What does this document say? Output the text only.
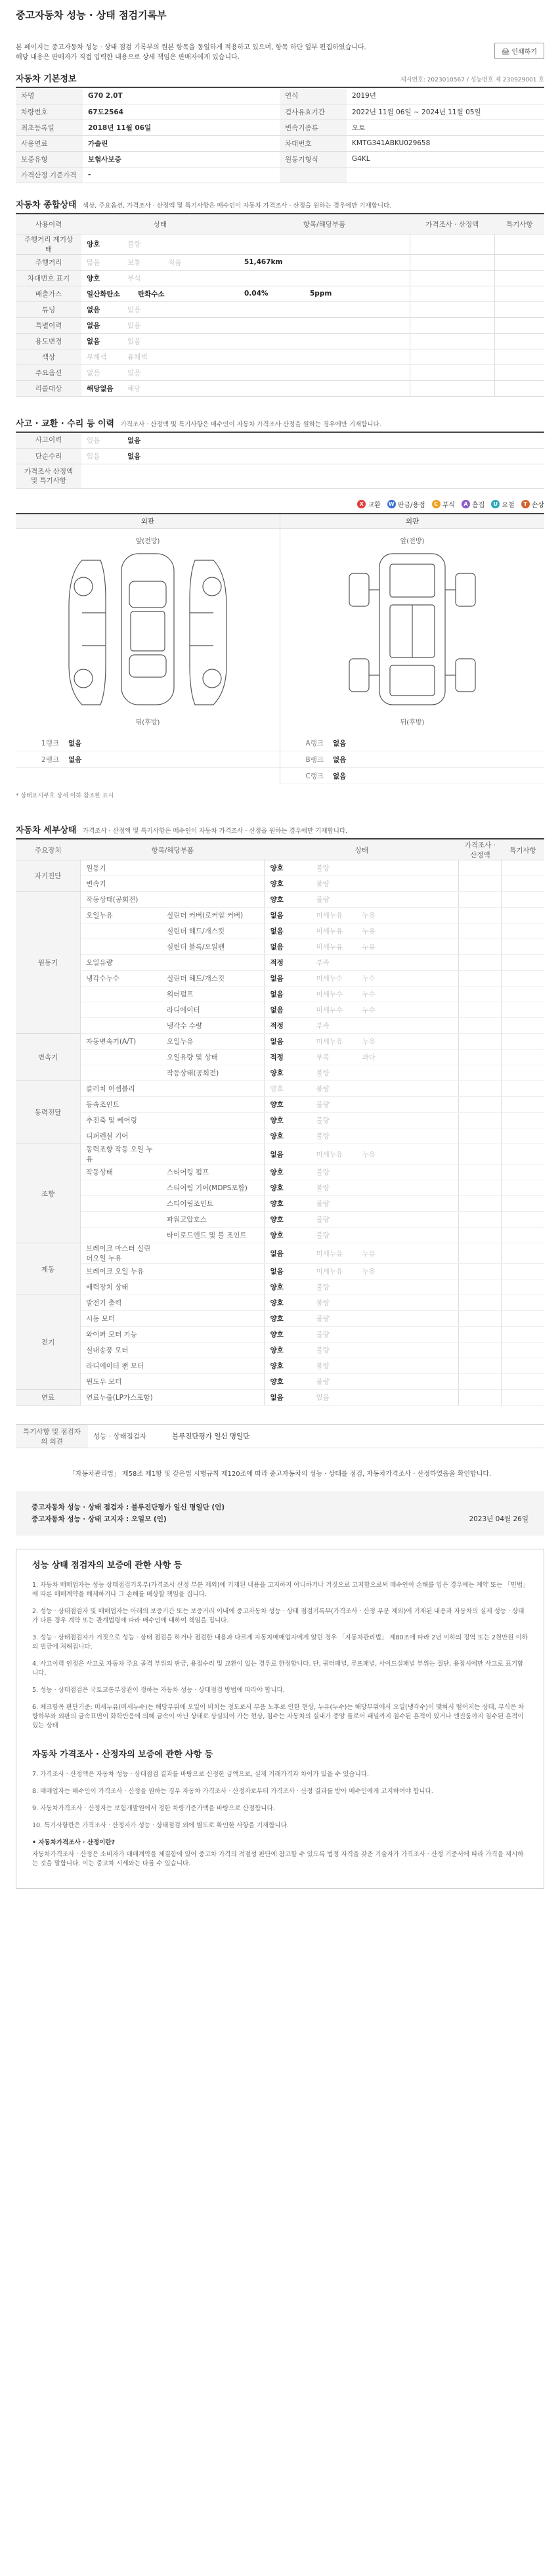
중고자동차 성능 · 상태 점검기록부
본 페이지는 중고자동차 성능 · 상태 점검 기록부의 원본 항목을 동일하게 적용하고 있으며, 항목 하단 일부 편집하였습니다.
해당 내용은 판매자가 직접 입력한 내용으로 상세 책임은 판매자에게 있습니다.
🖨 인쇄하기
자동차 기본정보	제시번호: 2023010567 / 성능번호 제 230929001 호
차명	G70 2.0T	연식	2019년
차량번호	67도2564	검사유효기간	2022년 11월 06일 ~ 2024년 11월 05일
최초등록일	2018년 11월 06일	변속기종류	오토
사용연료	가솔린	차대번호	KMTG341ABKU029658
보증유형	보험사보증	원동기형식	G4KL
가격산정 기준가격	-		
자동차 종합상태 색상, 주요옵션, 가격조사 · 산정액 및 특기사항은 매수인이 자동차 가격조사 · 산정을 원하는 경우에만 기재합니다.
사용이력	상태	항목/해당부품	가격조사 · 산정액	특기사항
주행거리 계기상태	양호 불량			
주행거리	많음 보통 적음	51,467km		
차대번호 표기	양호 부식			
배출가스	일산화탄소 탄화수소	0.04% 5ppm		
튜닝	없음 있음			
특별이력	없음 있음			
용도변경	없음 있음			
색상	무채색 유채색			
주요옵션	없음 있음			
리콜대상	해당없음 해당			
사고 · 교환 · 수리 등 이력 가격조사 · 산정액 및 특기사항은 매수인이 자동차 가격조사·산정을 원하는 경우에만 기재합니다.
사고이력	있음 없음
단순수리	있음 없음
가격조사 산정액
및 특기사항	
X 교환 W 판금/용접	C 부식	A 흠집	U 요철	T 손상
외판
앞(전방)
뒤(후방)
1랭크	없음
2랭크	없음
외판
앞(전방)
뒤(후방)
A랭크	없음
B랭크	없음
C랭크	없음
* 상태표시부호 상세 이하 참조한 표시
자동차 세부상태 가격조사 · 산정액 및 특기사항은 매수인이 자동차 가격조사 · 산정을 원하는 경우에만 기재합니다.
주요장치	항목/해당부품		상태	가격조사 · 산정액	특기사항
자기진단	원동기		양호 불량		
	변속기		양호 불량		
원동기	작동상태(공회전)		양호 불량		
	오일누유	실린더 커버(로커암 커버)	없음 미세누유 누유		
		실린더 헤드/개스킷	없음 미세누유 누유		
		실린더 블록/오일팬	없음 미세누유 누유		
	오일유량		적정 부족		
	냉각수누수	실린더 헤드/개스킷	없음 미세누수 누수		
		워터펌프	없음 미세누수 누수		
		라디에이터	없음 미세누수 누수		
		냉각수 수량	적정 부족		
변속기	자동변속기(A/T)	오일누유	없음 미세누유 누유		
		오일유량 및 상태	적정 부족 과다		
		작동상태(공회전)	양호 불량		
동력전달	클러치 어셈블리		양호 불량		
	등속조인트		양호 불량		
	추진축 및 베어링		양호 불량		
	디퍼렌셜 기어		양호 불량		
조향	동력조향 작동 오일 누유		없음 미세누유 누유		
	작동상태	스티어링 펌프	양호 불량		
		스티어링 기어(MDPS포함)	양호 불량		
		스티어링조인트	양호 불량		
		파워고압호스	양호 불량		
		타이로드엔드 및 볼 조인트	양호 불량		
제동	브레이크 마스터 실린더오일 누유		없음 미세누유 누유		
	브레이크 오일 누유		없음 미세누유 누유		
	배력장치 상태		양호 불량		
전기	발전기 출력		양호 불량		
	시동 모터		양호 불량		
	와이퍼 모터 기능		양호 불량		
	실내송풍 모터		양호 불량		
	라디에이터 팬 모터		양호 불량		
	윈도우 모터		양호 불량		
연료	연료누출(LP가스포함)		없음 있음		
특기사항 및 점검자의 의견	성능 · 상태점검자	블루진단평가 일신 명일단
「자동차관리법」 제58조 제1항 및 같은법 시행규칙 제120조에 따라 중고자동차의 성능 · 상태를 점검, 자동차가격조사 · 산정하였음을 확인합니다.
중고자동차 성능 · 상태 점검자 : 블루진단평가 일신 명일단 (인)
중고자동차 성능 · 상태 고지자 : 오일모 (인)	2023년 04월 26일
성능 상태 점검자의 보증에 관한 사항 등

1. 자동차 매매업자는 성능 상태점검기록부(가격조사 산정 부분 제외)에 기재된 내용을 고지하지 아니하거나 거짓으로 고지함으로써 매수인이 손해를 입은 경우에는 계약 또는 「민법」에 따른 매매계약을 해제하거나 그 손해를 배상할 책임을 집니다.

2. 성능 · 상태점검자 및 매매업자는 아래의 보증기간 또는 보증거리 이내에 중고자동차 성능 · 상태 점검기록부(가격조사 · 산정 부분 제외)에 기재된 내용과 자동차의 실제 성능 · 상태가 다른 경우 계약 또는 관계법령에 따라 매수인에 대하여 책임을 집니다.

3. 성능 · 상태점검자가 거짓으로 성능 · 상태 점검을 하거나 점검한 내용과 다르게 자동차매매업자에게 알린 경우 「자동차관리법」 제80조에 따라 2년 이하의 징역 또는 2천만원 이하의 벌금에 처해집니다.

4. 사고이력 인정은 사고로 자동차 주요 골격 부위의 판금, 용접수리 및 교환이 있는 경우로 한정합니다. 단, 쿼터패널, 루프패널, 사이드실패널 부위는 절단, 용접시에만 사고로 표기합니다.

5. 성능 · 상태점검은 국토교통부장관이 정하는 자동차 성능 · 상태점검 방법에 따라야 합니다.

6. 체크항목 판단기준: 미세누유(미세누수)는 해당부위에 오일이 비치는 정도로서 부품 노후로 인한 현상, 누유(누수)는 해당부위에서 오일(냉각수)이 맺혀서 떨어지는 상태, 부식은 차량하부와 외판의 금속표면이 화학반응에 의해 금속이 아닌 상태로 상실되어 가는 현상, 침수는 자동차의 실내가 중앙 플로어 패널까지 침수된 흔적이 있거나 엔진룸까지 침수된 흔적이 있는 상태

자동차 가격조사 · 산정자의 보증에 관한 사항 등

7. 가격조사 · 산정액은 자동차 성능 · 상태점검 결과를 바탕으로 산정한 금액으로, 실제 거래가격과 차이가 있을 수 있습니다.

8. 매매업자는 매수인이 가격조사 · 산정을 원하는 경우 자동차 가격조사 · 산정자로부터 가격조사 · 산정 결과를 받아 매수인에게 고지하여야 합니다.

9. 자동차가격조사 · 산정자는 보험개발원에서 정한 차량기준가액을 바탕으로 산정합니다.

10. 특기사항란은 가격조사 · 산정자가 성능 · 상태점검 외에 별도로 확인한 사항을 기재합니다.

• 자동차가격조사 · 산정이란?

자동차가격조사 · 산정은 소비자가 매매계약을 체결함에 있어 중고차 가격의 적절성 판단에 참고할 수 있도록 법정 자격을 갖춘 기술자가 가격조사 · 산정 기준서에 따라 가격을 제시하는 것을 말합니다. 이는 중고차 시세와는 다를 수 있습니다.
